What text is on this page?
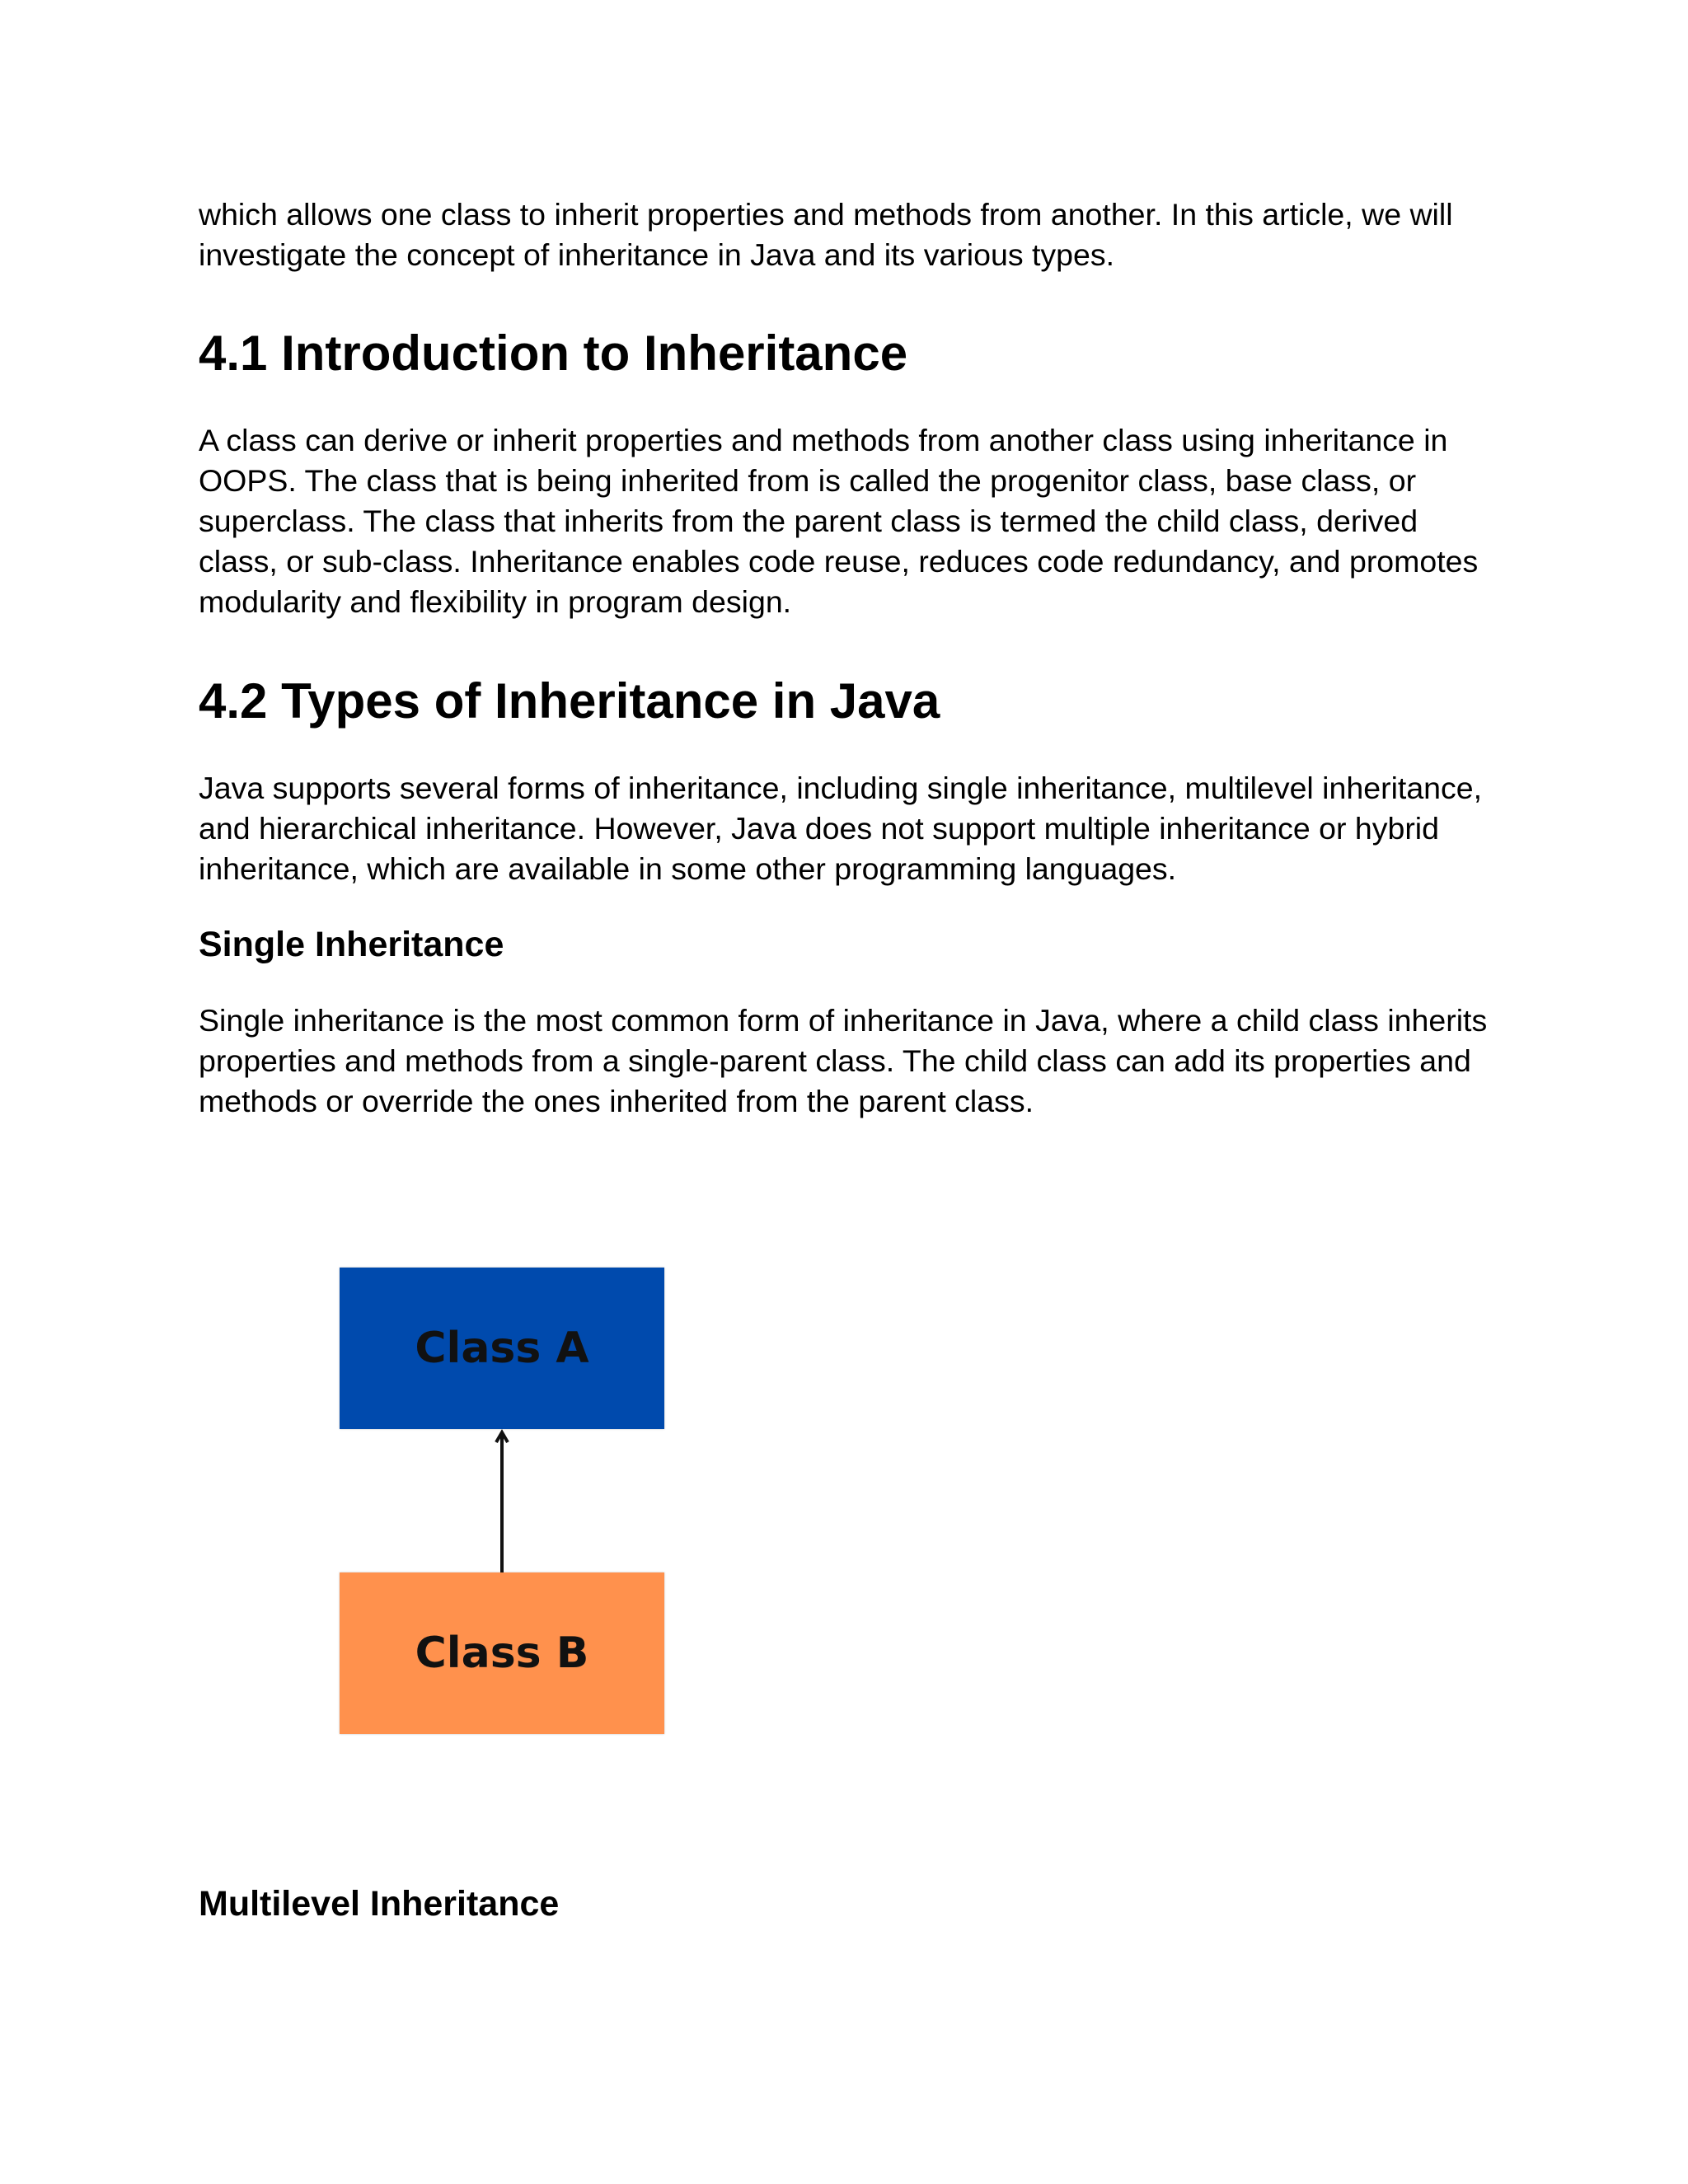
which allows one class to inherit properties and methods from another. In this article, we will investigate the concept of inheritance in Java and its various types.

4.1 Introduction to Inheritance

A class can derive or inherit properties and methods from another class using inheritance in OOPS. The class that is being inherited from is called the progenitor class, base class, or superclass. The class that inherits from the parent class is termed the child class, derived class, or sub-class. Inheritance enables code reuse, reduces code redundancy, and promotes modularity and flexibility in program design.

4.2 Types of Inheritance in Java

Java supports several forms of inheritance, including single inheritance, multilevel inheritance, and hierarchical inheritance. However, Java does not support multiple inheritance or hybrid inheritance, which are available in some other programming languages.

Single Inheritance

Single inheritance is the most common form of inheritance in Java, where a child class inherits properties and methods from a single-parent class. The child class can add its properties and methods or override the ones inherited from the parent class.

Class A
Class B
Multilevel Inheritance
